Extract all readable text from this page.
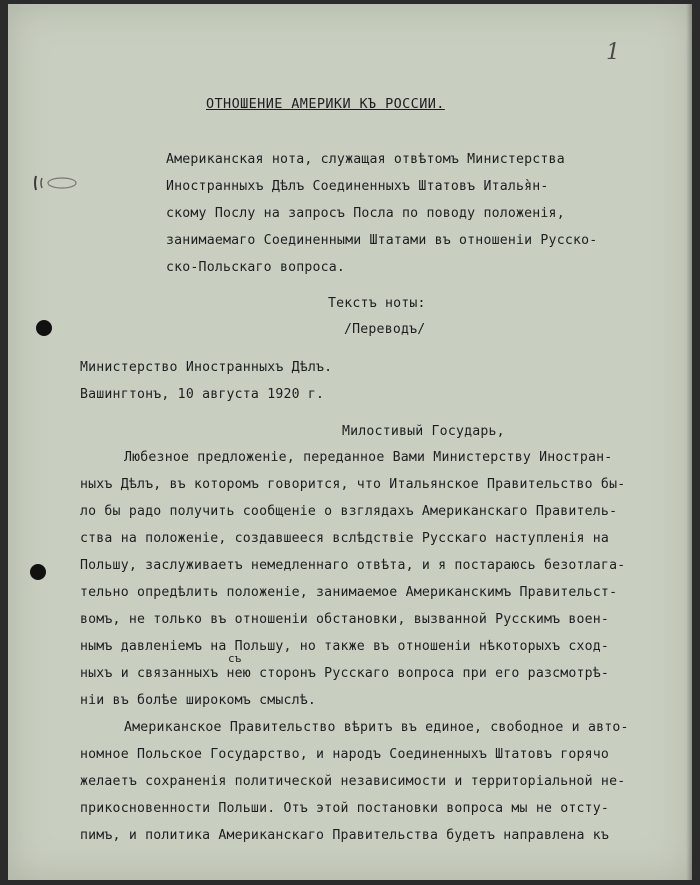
1
ОТНОШЕНИЕ АМЕРИКИ КЪ РОССИИ.
Американская нота, служащая отвѣтомъ Министерства
Иностранныхъ Дѣлъ Соединенныхъ Штатовъ Италья̀н-
скому Послу на запросъ Посла по поводу положенія,
занимаемаго Соединенными Штатами въ отношеніи Русско-
ско-Польскаго вопроса.
Текстъ ноты:
/Переводъ/
Министерство Иностранныхъ Дѣлъ.
Вашингтонъ, 10 августа 1920 г.
Милостивый Государь,
Любезное предложеніе, переданное Вами Министерству Иностран-
ныхъ Дѣлъ, въ которомъ говорится, что Итальянское Правительство бы-
ло бы радо получить сообщеніе о взглядахъ Американскаго Правитель-
ства на положеніе, создавшееся вслѣдствіе Русскаго наступленія на
Польшу, заслуживаетъ немедленнаго отвѣта, и я постараюсь безотлага-
тельно опредѣлить положеніе, занимаемое Американскимъ Правительст-
вомъ, не только въ отношеніи обстановки, вызванной Русскимъ воен-
нымъ давленіемъ на Польшу, но также въ отношеніи нѣкоторыхъ сход-
съ
ныхъ и связанныхъ нею сторонъ Русскаго вопроса при его разсмотрѣ-
ніи въ болѣе широкомъ смыслѣ.
Американское Правительство вѣритъ въ единое, свободное и авто-
номное Польское Государство, и народъ Соединенныхъ Штатовъ горячо
желаетъ сохраненія политической независимости и территоріальной не-
прикосновенности Польши. Отъ этой постановки вопроса мы не отсту-
пимъ, и политика Американскаго Правительства будетъ направлена къ
